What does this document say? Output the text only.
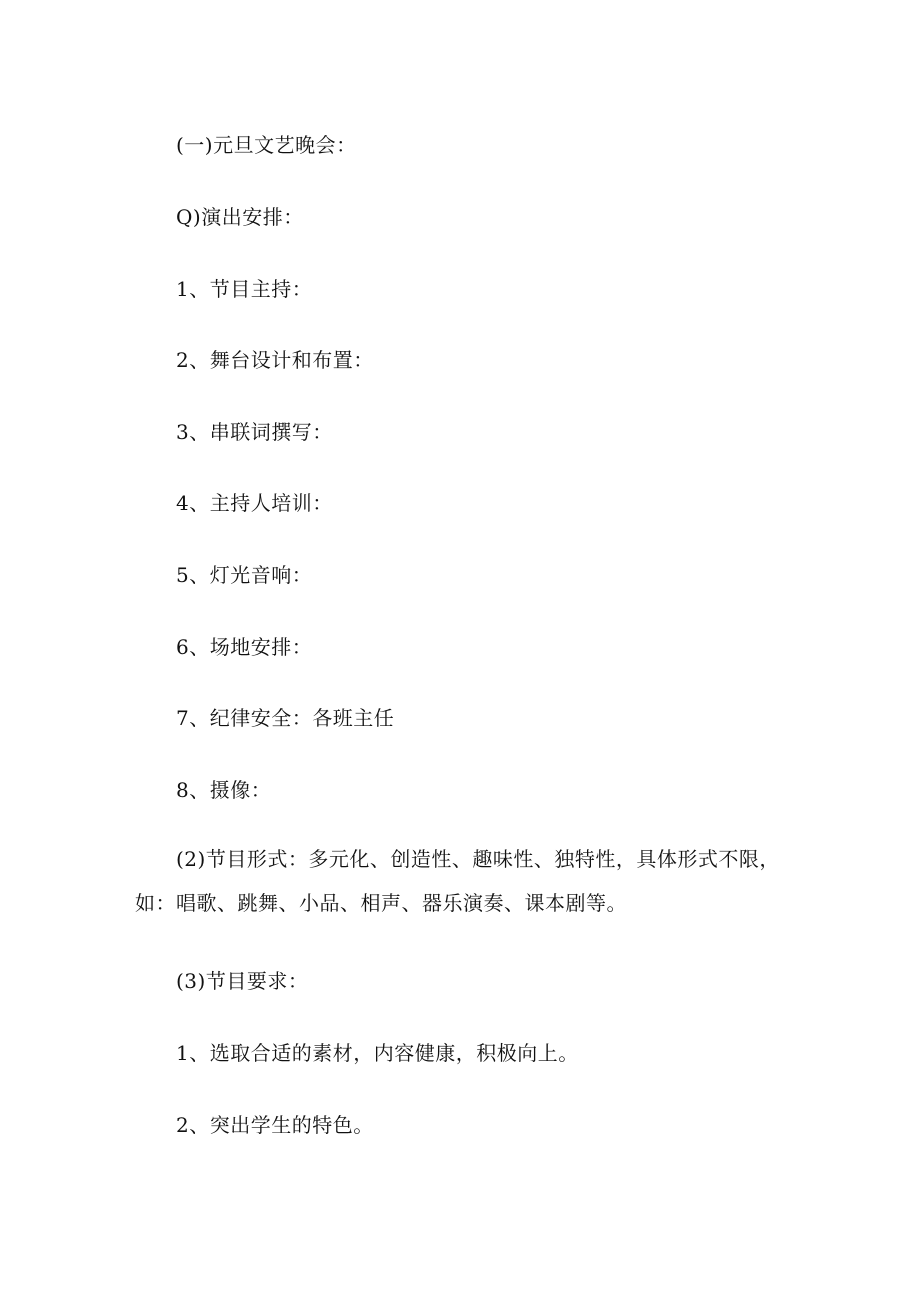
(一)元旦文艺晚会：
Q)演出安排：
1、节目主持：
2、舞台设计和布置：
3、串联词撰写：
4、主持人培训：
5、灯光音响：
6、场地安排：
7、纪律安全：各班主任
8、摄像：
(2)节目形式：多元化、创造性、趣味性、独特性，具体形式不限，如：唱歌、跳舞、小品、相声、器乐演奏、课本剧等。
(3)节目要求：
1、选取合适的素材，内容健康，积极向上。
2、突出学生的特色。
